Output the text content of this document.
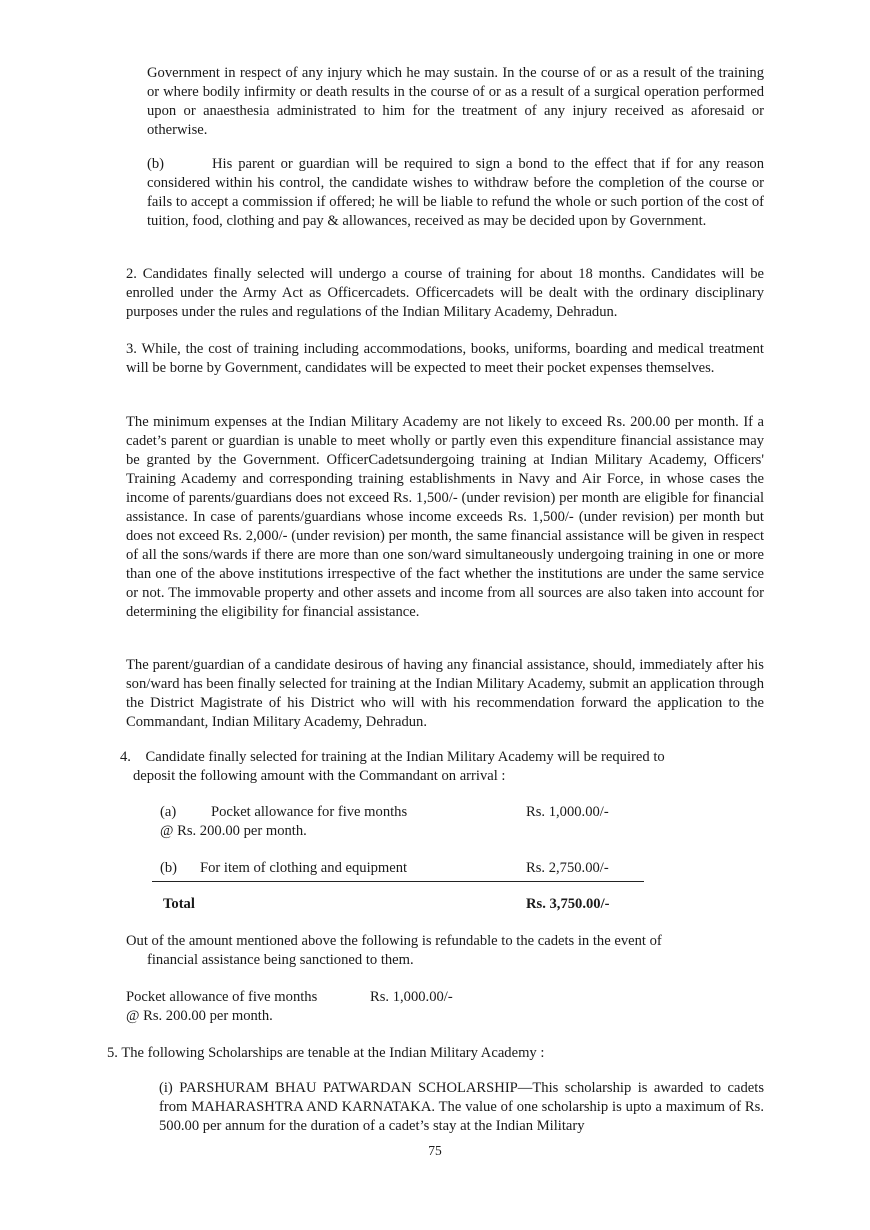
Government in respect of any injury which he may sustain. In the course of or as a result of the training or where bodily infirmity or death results in the course of or as a result of a surgical operation performed upon or anaesthesia administrated to him for the treatment of any injury received as aforesaid or otherwise.

(b)	His parent or guardian will be required to sign a bond to the effect that if for any reason considered within his control, the candidate wishes to withdraw before the completion of the course or fails to accept a commission if offered; he will be liable to refund the whole or such portion of the cost of tuition, food, clothing and pay & allowances, received as may be decided upon by Government.

2. Candidates finally selected will undergo a course of training for about 18 months. Candidates will be enrolled under the Army Act as Officercadets. Officercadets will be dealt with the ordinary disciplinary purposes under the rules and regulations of the Indian Military Academy, Dehradun.

3. While, the cost of training including accommodations, books, uniforms, boarding and medical treatment will be borne by Government, candidates will be expected to meet their pocket expenses themselves.

The minimum expenses at the Indian Military Academy are not likely to exceed Rs. 200.00 per month. If a cadet’s parent or guardian is unable to meet wholly or partly even this expenditure financial assistance may be granted by the Government. OfficerCadetsundergoing training at Indian Military Academy, Officers' Training Academy and corresponding training establishments in Navy and Air Force, in whose cases the income of parents/guardians does not exceed Rs. 1,500/- (under revision) per month are eligible for financial assistance. In case of parents/guardians whose income exceeds Rs. 1,500/- (under revision) per month but does not exceed Rs. 2,000/- (under revision) per month, the same financial assistance will be given in respect of all the sons/wards if there are more than one son/ward simultaneously undergoing training in one or more than one of the above institutions irrespective of the fact whether the institutions are under the same service or not. The immovable property and other assets and income from all sources are also taken into account for determining the eligibility for financial assistance.

The parent/guardian of a candidate desirous of having any financial assistance, should, immediately after his son/ward has been finally selected for training at the Indian Military Academy, submit an application through the District Magistrate of his District who will with his recommendation forward the application to the Commandant, Indian Military Academy, Dehradun.

4.    Candidate finally selected for training at the Indian Military Academy will be required to
deposit the following amount with the Commandant on arrival :
(a) Pocket allowance for five months	Rs. 1,000.00/-
@ Rs. 200.00 per month.
(b) For item of clothing and equipment	Rs. 2,750.00/-
Total	Rs. 3,750.00/-
Out of the amount mentioned above the following is refundable to the cadets in the event of
financial assistance being sanctioned to them.
Pocket allowance of five months	Rs. 1,000.00/-
@ Rs. 200.00 per month.
5. The following Scholarships are tenable at the Indian Military Academy :

(i) PARSHURAM BHAU PATWARDAN SCHOLARSHIP—This scholarship is awarded to cadets from MAHARASHTRA AND KARNATAKA. The value of one scholarship is upto a maximum of Rs. 500.00 per annum for the duration of a cadet’s stay at the Indian Military

75
